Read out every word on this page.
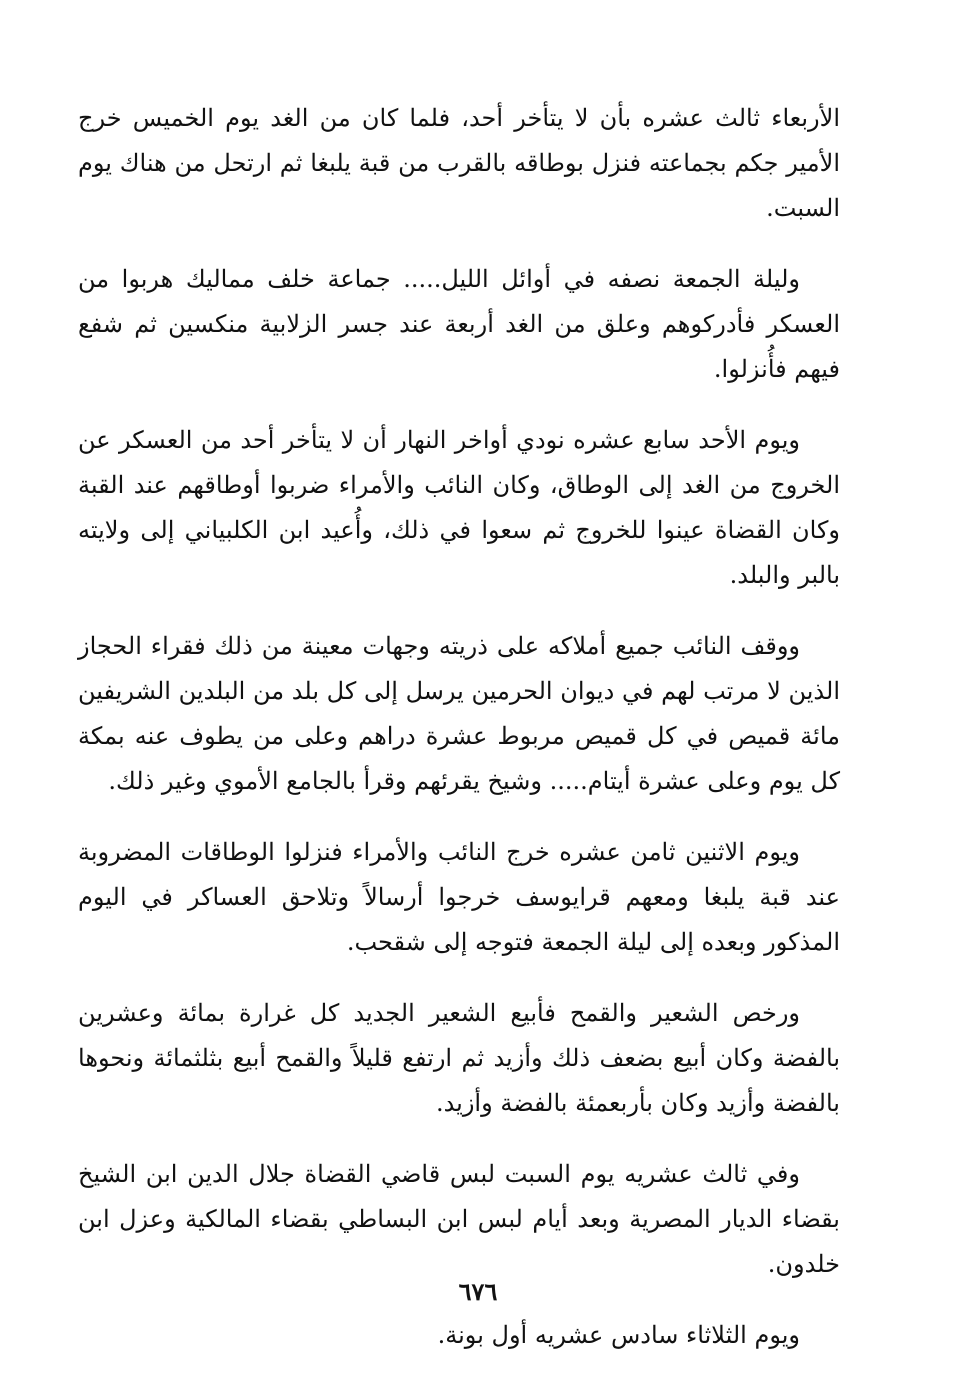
الأربعاء ثالث عشره بأن لا يتأخر أحد، فلما كان من الغد يوم الخميس خرج الأمير جكم بجماعته فنزل بوطاقه بالقرب من قبة يلبغا ثم ارتحل من هناك يوم السبت.

وليلة الجمعة نصفه في أوائل الليل..... جماعة خلف مماليك هربوا من العسكر فأدركوهم وعلق من الغد أربعة عند جسر الزلابية منكسين ثم شفع فيهم فأُنزلوا.

ويوم الأحد سابع عشره نودي أواخر النهار أن لا يتأخر أحد من العسكر عن الخروج من الغد إلى الوطاق، وكان النائب والأمراء ضربوا أوطاقهم عند القبة وكان القضاة عينوا للخروج ثم سعوا في ذلك، وأُعيد ابن الكلبياني إلى ولايته بالبر والبلد.

ووقف النائب جميع أملاكه على ذريته وجهات معينة من ذلك فقراء الحجاز الذين لا مرتب لهم في ديوان الحرمين يرسل إلى كل بلد من البلدين الشريفين مائة قميص في كل قميص مربوط عشرة دراهم وعلى من يطوف عنه بمكة كل يوم وعلى عشرة أيتام..... وشيخ يقرئهم وقرأ بالجامع الأموي وغير ذلك.

ويوم الاثنين ثامن عشره خرج النائب والأمراء فنزلوا الوطاقات المضروبة عند قبة يلبغا ومعهم قرايوسف خرجوا أرسالاً وتلاحق العساكر في اليوم المذكور وبعده إلى ليلة الجمعة فتوجه إلى شقحب.

ورخص الشعير والقمح فأبيع الشعير الجديد كل غرارة بمائة وعشرين بالفضة وكان أبيع بضعف ذلك وأزيد ثم ارتفع قليلاً والقمح أبيع بثلثمائة ونحوها بالفضة وأزيد وكان بأربعمئة بالفضة وأزيد.

وفي ثالث عشريه يوم السبت لبس قاضي القضاة جلال الدين ابن الشيخ بقضاء الديار المصرية وبعد أيام لبس ابن البساطي بقضاء المالكية وعزل ابن خلدون.

ويوم الثلاثاء سادس عشريه أول بونة.

٦٧٦
